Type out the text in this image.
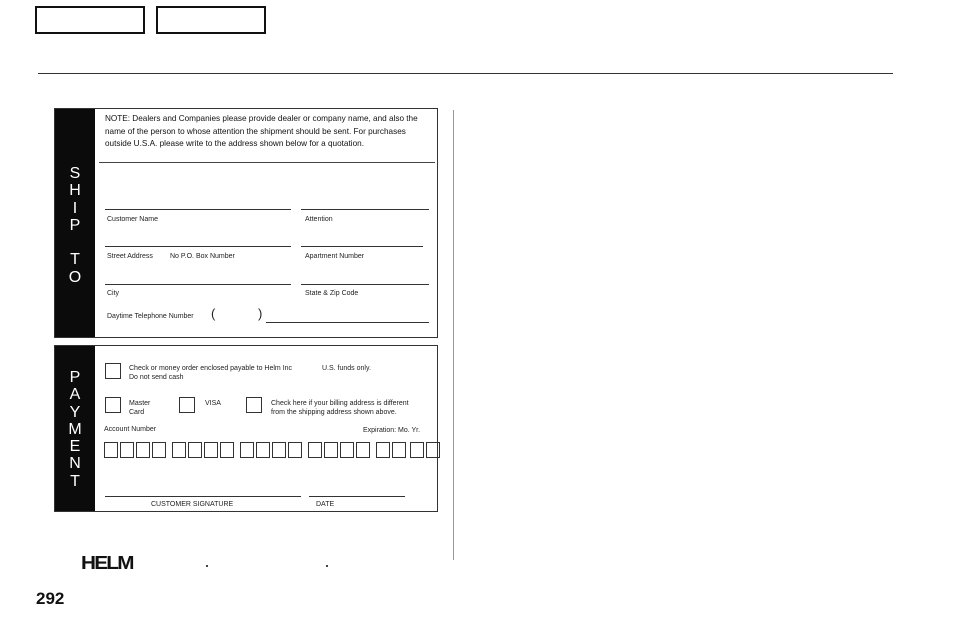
S
H
I
P

T
O
NOTE: Dealers and Companies please provide dealer or company name, and also the name of the person to whose attention the shipment should be sent. For purchases outside U.S.A. please write to the address shown below for a quotation.
Customer Name	Attention
Street Address No P.O. Box Number	Apartment Number
City	State & Zip Code
Daytime Telephone Number (	)
P
A
Y
M
E
N
T
Check or money order enclosed payable to Helm Inc	U.S. funds only.
Do not send cash
Master
Card
VISA	Check here if your billing address is different
from the shipping address shown above.
Account Number	Expiration: Mo. Yr.
CUSTOMER SIGNATURE	DATE
HELM
292
